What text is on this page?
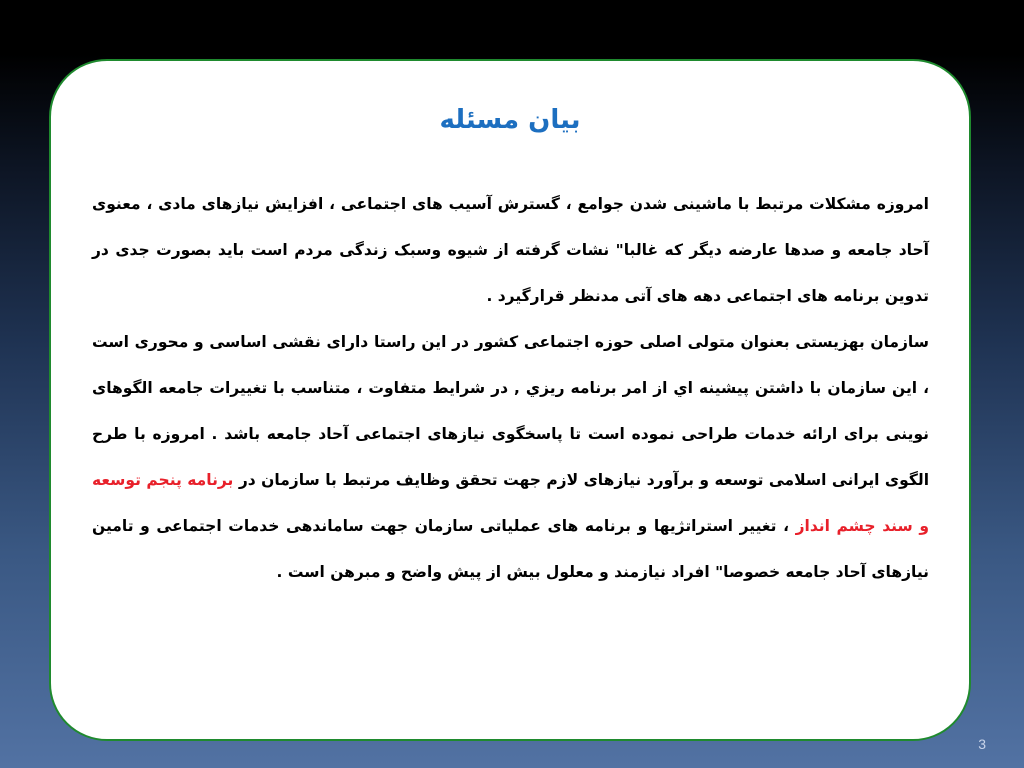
بیان مسئله

امروزه مشکلات مرتبط با ماشینی شدن جوامع ، گسترش آسیب های اجتماعی ، افزایش نیازهای مادی ، معنوی آحاد جامعه و صدها عارضه دیگر که غالبا" نشات گرفته از شیوه وسبک زندگی مردم است باید بصورت جدی در تدوین برنامه های اجتماعی دهه های آتی مدنظر قرارگیرد .

سازمان بهزیستی بعنوان متولی اصلی حوزه اجتماعی کشور در این راستا دارای نقشی اساسی و محوری است ، این سازمان با داشتن پیشینه اي از امر برنامه ريزي , در شرایط متفاوت ، متناسب با تغییرات جامعه الگوهای نوینی برای ارائه خدمات طراحی نموده است تا پاسخگوی نیازهای اجتماعی آحاد جامعه باشد . امروزه با طرح الگوی ایرانی اسلامی توسعه و برآورد نیازهای لازم جهت تحقق وظایف مرتبط با سازمان در برنامه پنجم توسعه و سند چشم انداز ، تغییر استراتژیها و برنامه های عملیاتی سازمان جهت ساماندهی خدمات اجتماعی و تامین نیازهای آحاد جامعه خصوصا" افراد نیازمند و معلول بیش از پیش واضح و مبرهن است .

3
